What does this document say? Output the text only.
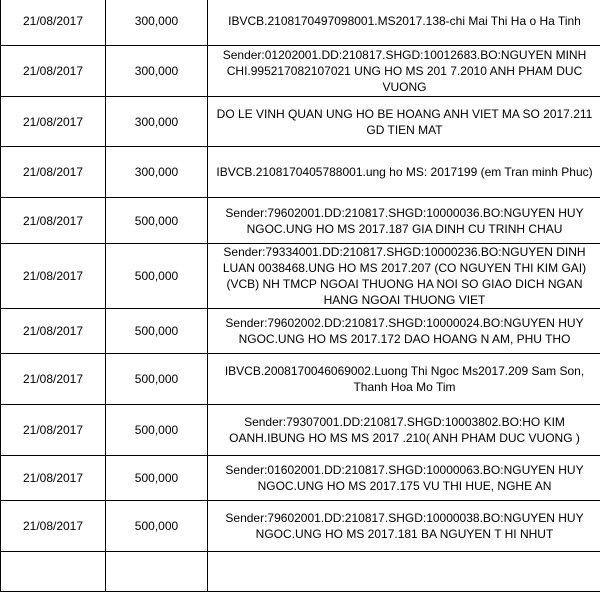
21/08/2017	300,000	IBVCB.2108170497098001.MS2017.138-chi Mai Thi Ha o Ha Tinh
21/08/2017	300,000	Sender:01202001.DD:210817.SHGD:10012683.BO:NGUYEN MINH CHI.995217082107021 UNG HO MS 201 7.2010 ANH PHAM DUC VUONG
21/08/2017	300,000	DO LE VINH QUAN UNG HO BE HOANG ANH VIET MA SO 2017.211 GD TIEN MAT
21/08/2017	300,000	IBVCB.2108170405788001.ung ho MS: 2017199 (em Tran minh Phuc)
21/08/2017	500,000	Sender:79602001.DD:210817.SHGD:10000036.BO:NGUYEN HUY NGOC.UNG HO MS 2017.187 GIA DINH CU TRINH CHAU
21/08/2017	500,000	Sender:79334001.DD:210817.SHGD:10000236.BO:NGUYEN DINH LUAN 0038468.UNG HO MS 2017.207 (CO NGUYEN THI KIM GAI) (VCB) NH TMCP NGOAI THUONG HA NOI SO GIAO DICH NGAN HANG NGOAI THUONG VIET
21/08/2017	500,000	Sender:79602002.DD:210817.SHGD:10000024.BO:NGUYEN HUY NGOC.UNG HO MS 2017.172 DAO HOANG N AM, PHU THO
21/08/2017	500,000	IBVCB.2008170046069002.Luong Thi Ngoc Ms2017.209 Sam Son, Thanh Hoa Mo Tim
21/08/2017	500,000	Sender:79307001.DD:210817.SHGD:10003802.BO:HO KIM OANH.IBUNG HO MS MS 2017 .210( ANH PHAM DUC VUONG )
21/08/2017	500,000	Sender:01602001.DD:210817.SHGD:10000063.BO:NGUYEN HUY NGOC.UNG HO MS 2017.175 VU THI HUE, NGHE AN
21/08/2017	500,000	Sender:79602001.DD:210817.SHGD:10000038.BO:NGUYEN HUY NGOC.UNG HO MS 2017.181 BA NGUYEN T HI NHUT
